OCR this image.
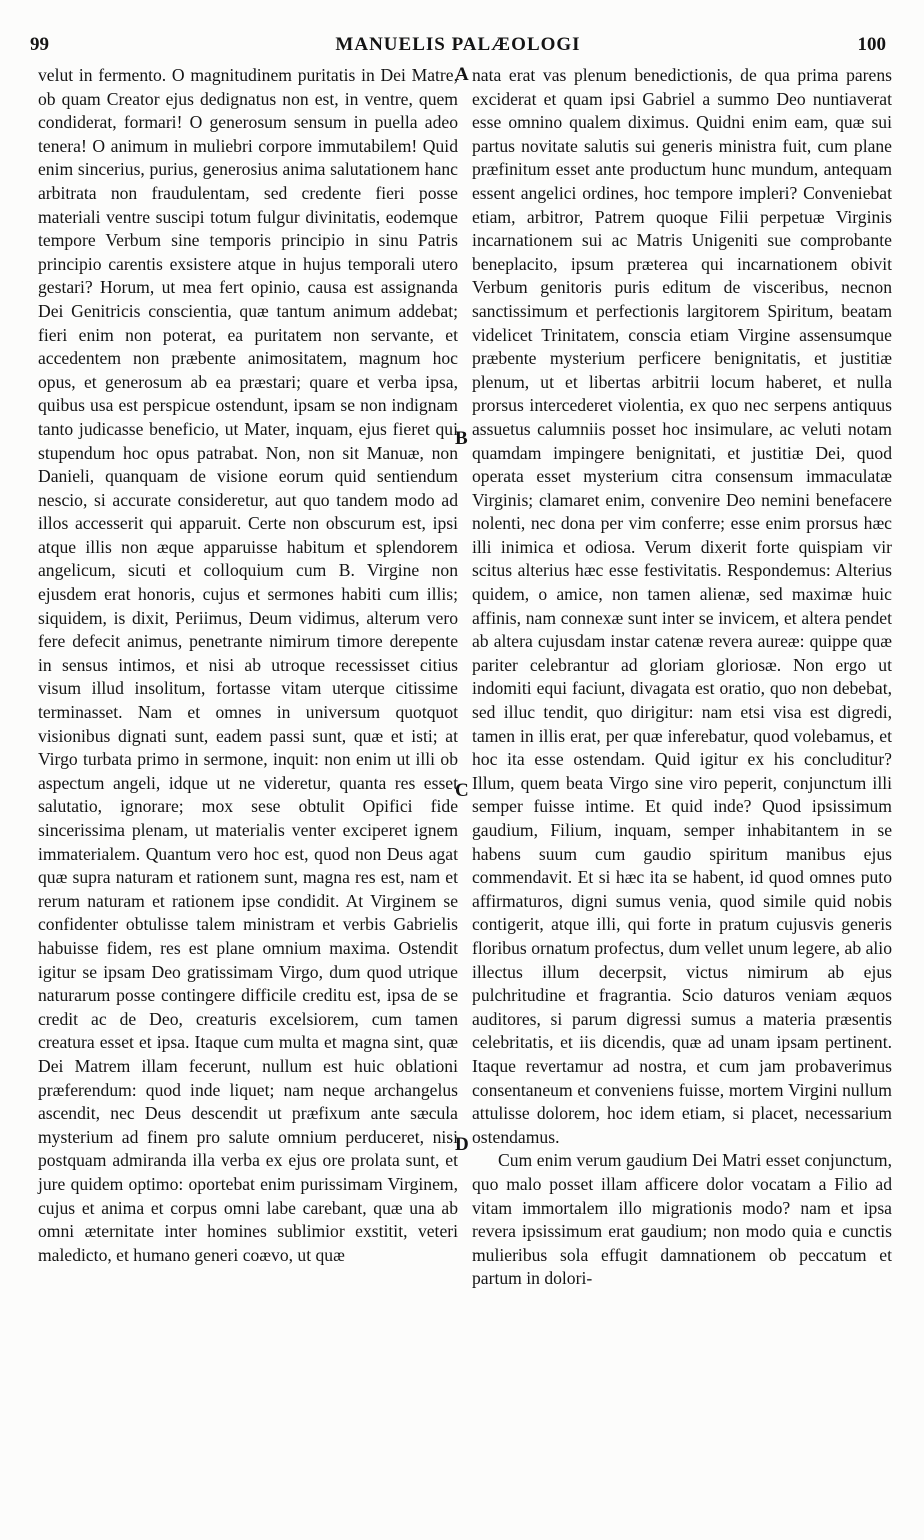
99	MANUELIS PALÆOLOGI	100

velut in fermento. O magnitudinem puritatis in Dei Matre, ob quam Creator ejus dedignatus non est, in ventre, quem condiderat, formari! O generosum sensum in puella adeo tenera! O animum in muliebri corpore immutabilem! Quid enim sincerius, purius, generosius anima salutationem hanc arbitrata non fraudulentam, sed credente fieri posse materiali ventre suscipi totum fulgur divinitatis, eodemque tempore Verbum sine temporis principio in sinu Patris principio carentis exsistere atque in hujus temporali utero gestari? Horum, ut mea fert opinio, causa est assignanda Dei Genitricis conscientia, quæ tantum animum addebat; fieri enim non poterat, ea puritatem non servante, et accedentem non præbente animositatem, magnum hoc opus, et generosum ab ea præstari; quare et verba ipsa, quibus usa est perspicue ostendunt, ipsam se non indignam tanto judicasse beneficio, ut Mater, inquam, ejus fieret qui stupendum hoc opus patrabat. Non, non sit Manuæ, non Danieli, quanquam de visione eorum quid sentiendum nescio, si accurate consideretur, aut quo tandem modo ad illos accesserit qui apparuit. Certe non obscurum est, ipsi atque illis non æque apparuisse habitum et splendorem angelicum, sicuti et colloquium cum B. Virgine non ejusdem erat honoris, cujus et sermones habiti cum illis; siquidem, is dixit, Periimus, Deum vidimus, alterum vero fere defecit animus, penetrante nimirum timore derepente in sensus intimos, et nisi ab utroque recessisset citius visum illud insolitum, fortasse vitam uterque citissime terminasset. Nam et omnes in universum quotquot visionibus dignati sunt, eadem passi sunt, quæ et isti; at Virgo turbata primo in sermone, inquit: non enim ut illi ob aspectum angeli, idque ut ne videretur, quanta res esset salutatio, ignorare; mox sese obtulit Opifici fide sincerissima plenam, ut materialis venter exciperet ignem immaterialem. Quantum vero hoc est, quod non Deus agat quæ supra naturam et rationem sunt, magna res est, nam et rerum naturam et rationem ipse condidit. At Virginem se confidenter obtulisse talem ministram et verbis Gabrielis habuisse fidem, res est plane omnium maxima. Ostendit igitur se ipsam Deo gratissimam Virgo, dum quod utrique naturarum posse contingere difficile creditu est, ipsa de se credit ac de Deo, creaturis excelsiorem, cum tamen creatura esset et ipsa. Itaque cum multa et magna sint, quæ Dei Matrem illam fecerunt, nullum est huic oblationi præferendum: quod inde liquet; nam neque archangelus ascendit, nec Deus descendit ut præfixum ante sæcula mysterium ad finem pro salute omnium perduceret, nisi postquam admiranda illa verba ex ejus ore prolata sunt, et jure quidem optimo: oportebat enim purissimam Virginem, cujus et anima et corpus omni labe carebant, quæ una ab omni æternitate inter homines sublimior exstitit, veteri maledicto, et humano generi coævo, ut quæ

nata erat vas plenum benedictionis, de qua prima parens exciderat et quam ipsi Gabriel a summo Deo nuntiaverat esse omnino qualem diximus. Quidni enim eam, quæ sui partus novitate salutis sui generis ministra fuit, cum plane præfinitum esset ante productum hunc mundum, antequam essent angelici ordines, hoc tempore impleri? Conveniebat etiam, arbitror, Patrem quoque Filii perpetuæ Virginis incarnationem sui ac Matris Unigeniti sue comprobante beneplacito, ipsum præterea qui incarnationem obivit Verbum genitoris puris editum de visceribus, necnon sanctissimum et perfectionis largitorem Spiritum, beatam videlicet Trinitatem, conscia etiam Virgine assensumque præbente mysterium perficere benignitatis, et justitiæ plenum, ut et libertas arbitrii locum haberet, et nulla prorsus intercederet violentia, ex quo nec serpens antiquus assuetus calumniis posset hoc insimulare, ac veluti notam quamdam impingere benignitati, et justitiæ Dei, quod operata esset mysterium citra consensum immaculatæ Virginis; clamaret enim, convenire Deo nemini benefacere nolenti, nec dona per vim conferre; esse enim prorsus hæc illi inimica et odiosa. Verum dixerit forte quispiam vir scitus alterius hæc esse festivitatis. Respondemus: Alterius quidem, o amice, non tamen alienæ, sed maximæ huic affinis, nam connexæ sunt inter se invicem, et altera pendet ab altera cujusdam instar catenæ revera aureæ: quippe quæ pariter celebrantur ad gloriam gloriosæ. Non ergo ut indomiti equi faciunt, divagata est oratio, quo non debebat, sed illuc tendit, quo dirigitur: nam etsi visa est digredi, tamen in illis erat, per quæ inferebatur, quod volebamus, et hoc ita esse ostendam. Quid igitur ex his concluditur? Illum, quem beata Virgo sine viro peperit, conjunctum illi semper fuisse intime. Et quid inde? Quod ipsissimum gaudium, Filium, inquam, semper inhabitantem in se habens suum cum gaudio spiritum manibus ejus commendavit. Et si hæc ita se habent, id quod omnes puto affirmaturos, digni sumus venia, quod simile quid nobis contigerit, atque illi, qui forte in pratum cujusvis generis floribus ornatum profectus, dum vellet unum legere, ab alio illectus illum decerpsit, victus nimirum ab ejus pulchritudine et fragrantia. Scio daturos veniam æquos auditores, si parum digressi sumus a materia præsentis celebritatis, et iis dicendis, quæ ad unam ipsam pertinent. Itaque revertamur ad nostra, et cum jam probaverimus consentaneum et conveniens fuisse, mortem Virgini nullum attulisse dolorem, hoc idem etiam, si placet, necessarium ostendamus.

Cum enim verum gaudium Dei Matri esset conjunctum, quo malo posset illam afficere dolor vocatam a Filio ad vitam immortalem illo migrationis modo? nam et ipsa revera ipsissimum erat gaudium; non modo quia e cunctis mulieribus sola effugit damnationem ob peccatum et partum in dolori-

A
B
C
D
